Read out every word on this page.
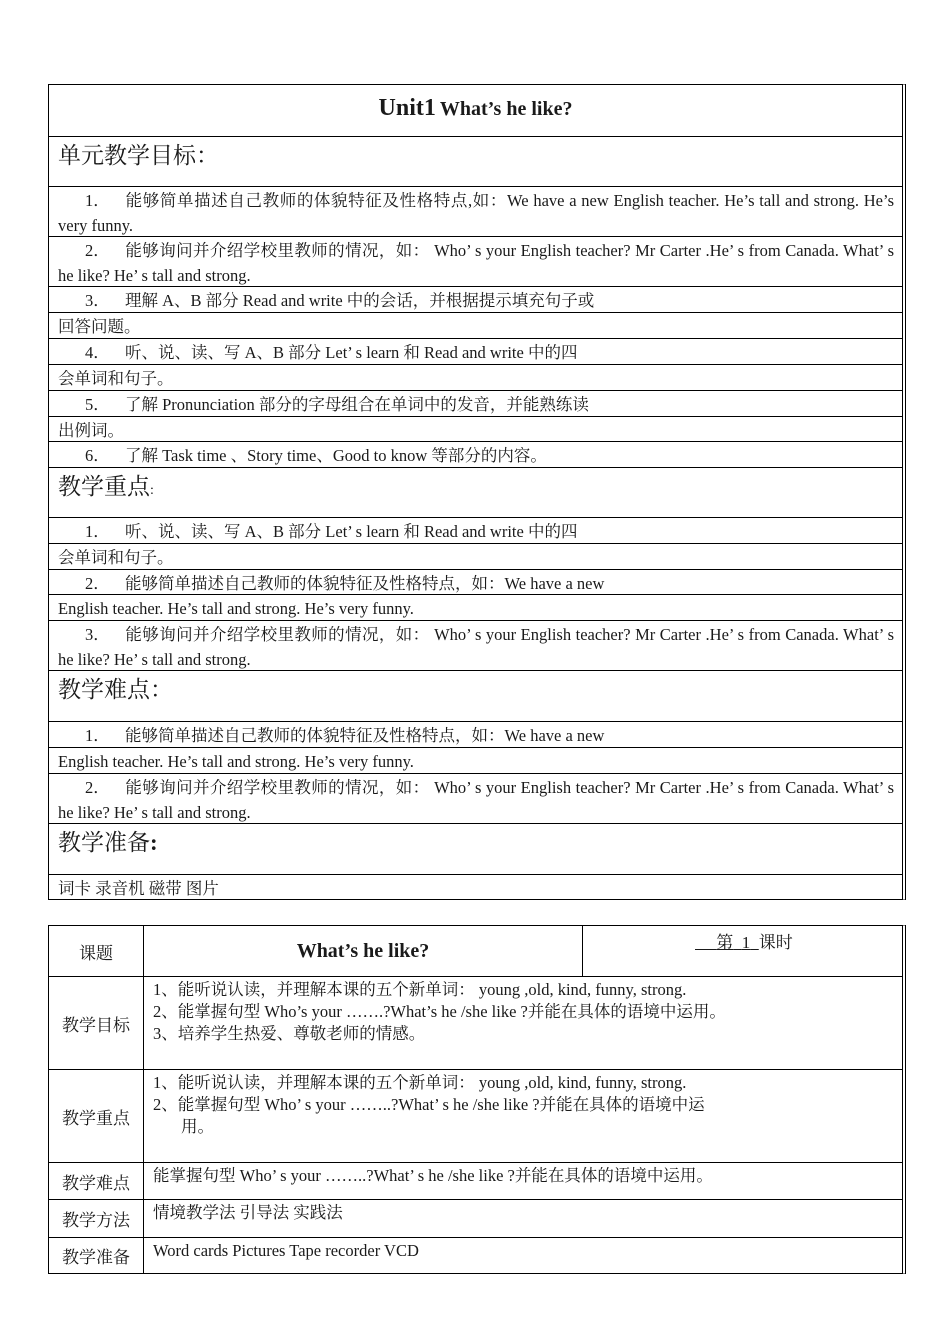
Unit1 What’s he like?
单元教学目标：
1． 能够简单描述自己教师的体貌特征及性格特点,如：We have a new English teacher. He’s tall and strong. He’s very funny.
2． 能够询问并介绍学校里教师的情况，如： Who’ s your English teacher? Mr Carter .He’ s from Canada. What’ s he like? He’ s tall and strong.
3． 理解 A、B 部分 Read and write 中的会话，并根据提示填充句子或
回答问题。
4． 听、说、读、写 A、B 部分 Let’ s learn 和 Read and write 中的四
会单词和句子。
5． 了解 Pronunciation 部分的字母组合在单词中的发音，并能熟练读
出例词。
6． 了解 Task time 、Story time、Good to know 等部分的内容。
教学重点:
1． 听、说、读、写 A、B 部分 Let’ s learn 和 Read and write 中的四
会单词和句子。
2． 能够简单描述自己教师的体貌特征及性格特点，如：We have a new
English teacher. He’s tall and strong. He’s very funny.
3． 能够询问并介绍学校里教师的情况，如： Who’ s your English teacher? Mr Carter .He’ s from Canada. What’ s he like? He’ s tall and strong.
教学难点：
1． 能够简单描述自己教师的体貌特征及性格特点，如：We have a new
English teacher. He’s tall and strong. He’s very funny.
2． 能够询问并介绍学校里教师的情况，如： Who’ s your English teacher? Mr Carter .He’ s from Canada. What’ s he like? He’ s tall and strong.
教学准备:
词卡 录音机 磁带 图片
课题	What’s he like?	第 1 课时
教学目标
1、能听说认读，并理解本课的五个新单词： young ,old, kind, funny, strong.
2、能掌握句型 Who’s your …….?What’s he /she like ?并能在具体的语境中运用。
3、培养学生热爱、尊敬老师的情感。
教学重点
1、能听说认读，并理解本课的五个新单词： young ,old, kind, funny, strong.
2、能掌握句型 Who’ s your ……..?What’ s he /she like ?并能在具体的语境中运
用。
教学难点	能掌握句型 Who’ s your ……..?What’ s he /she like ?并能在具体的语境中运用。
教学方法	情境教学法 引导法 实践法
教学准备	Word cards Pictures Tape recorder VCD
